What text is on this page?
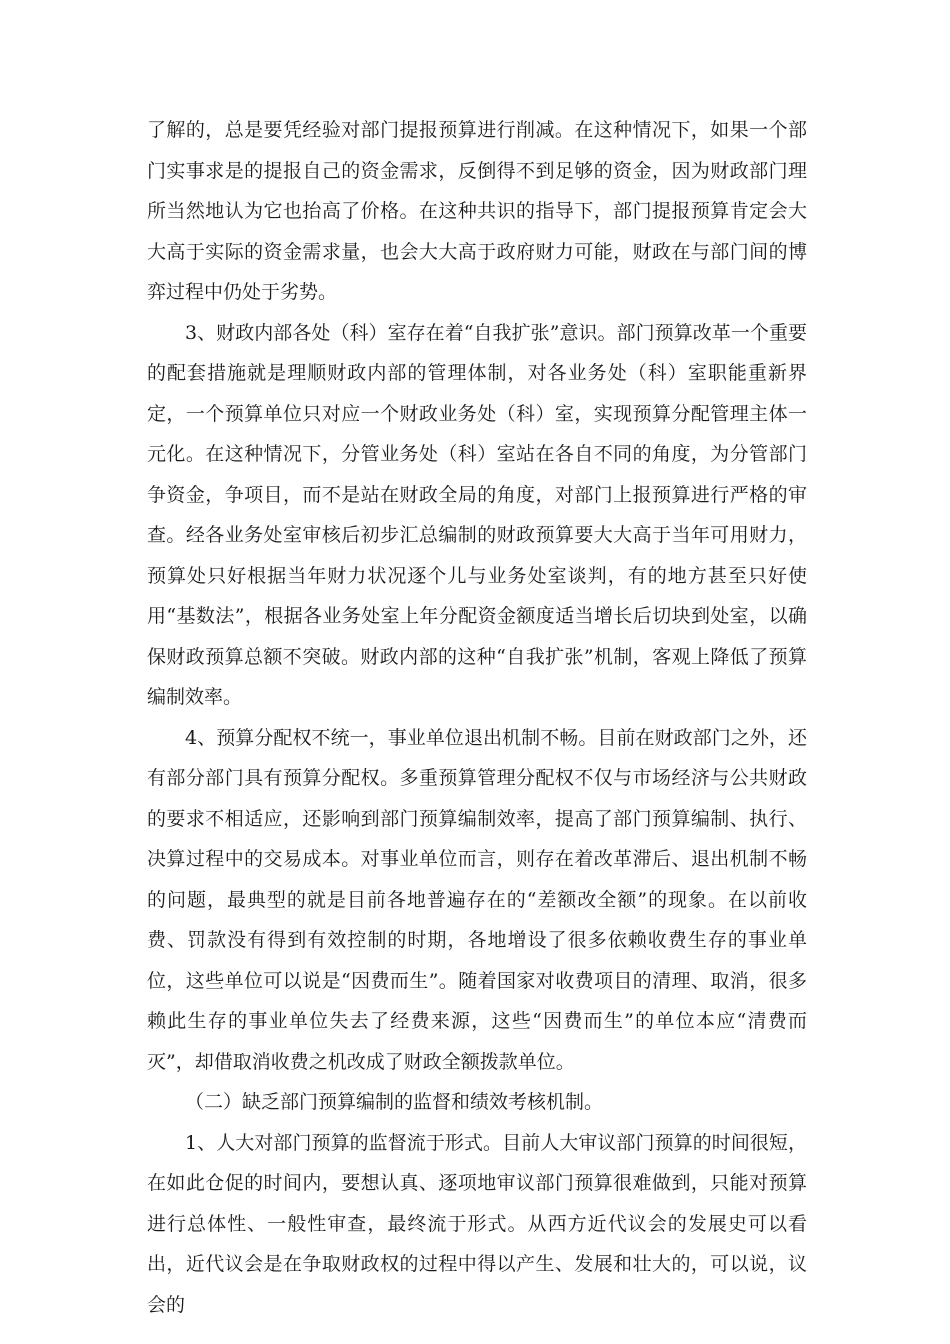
了解的，总是要凭经验对部门提报预算进行削减。在这种情况下，如果一个部门实事求是的提报自己的资金需求，反倒得不到足够的资金，因为财政部门理所当然地认为它也抬高了价格。在这种共识的指导下，部门提报预算肯定会大大高于实际的资金需求量，也会大大高于政府财力可能，财政在与部门间的博弈过程中仍处于劣势。

3、财政内部各处（科）室存在着“自我扩张”意识。部门预算改革一个重要的配套措施就是理顺财政内部的管理体制，对各业务处（科）室职能重新界定，一个预算单位只对应一个财政业务处（科）室，实现预算分配管理主体一元化。在这种情况下，分管业务处（科）室站在各自不同的角度，为分管部门争资金，争项目，而不是站在财政全局的角度，对部门上报预算进行严格的审查。经各业务处室审核后初步汇总编制的财政预算要大大高于当年可用财力，预算处只好根据当年财力状况逐个儿与业务处室谈判，有的地方甚至只好使用“基数法”，根据各业务处室上年分配资金额度适当增长后切块到处室，以确保财政预算总额不突破。财政内部的这种“自我扩张”机制，客观上降低了预算编制效率。

4、预算分配权不统一，事业单位退出机制不畅。目前在财政部门之外，还有部分部门具有预算分配权。多重预算管理分配权不仅与市场经济与公共财政的要求不相适应，还影响到部门预算编制效率，提高了部门预算编制、执行、决算过程中的交易成本。对事业单位而言，则存在着改革滞后、退出机制不畅的问题，最典型的就是目前各地普遍存在的“差额改全额”的现象。在以前收费、罚款没有得到有效控制的时期，各地增设了很多依赖收费生存的事业单位，这些单位可以说是“因费而生”。随着国家对收费项目的清理、取消，很多赖此生存的事业单位失去了经费来源，这些“因费而生”的单位本应“清费而灭”，却借取消收费之机改成了财政全额拨款单位。

（二）缺乏部门预算编制的监督和绩效考核机制。

1、人大对部门预算的监督流于形式。目前人大审议部门预算的时间很短，在如此仓促的时间内，要想认真、逐项地审议部门预算很难做到，只能对预算进行总体性、一般性审查，最终流于形式。从西方近代议会的发展史可以看出，近代议会是在争取财政权的过程中得以产生、发展和壮大的，可以说，议会的
